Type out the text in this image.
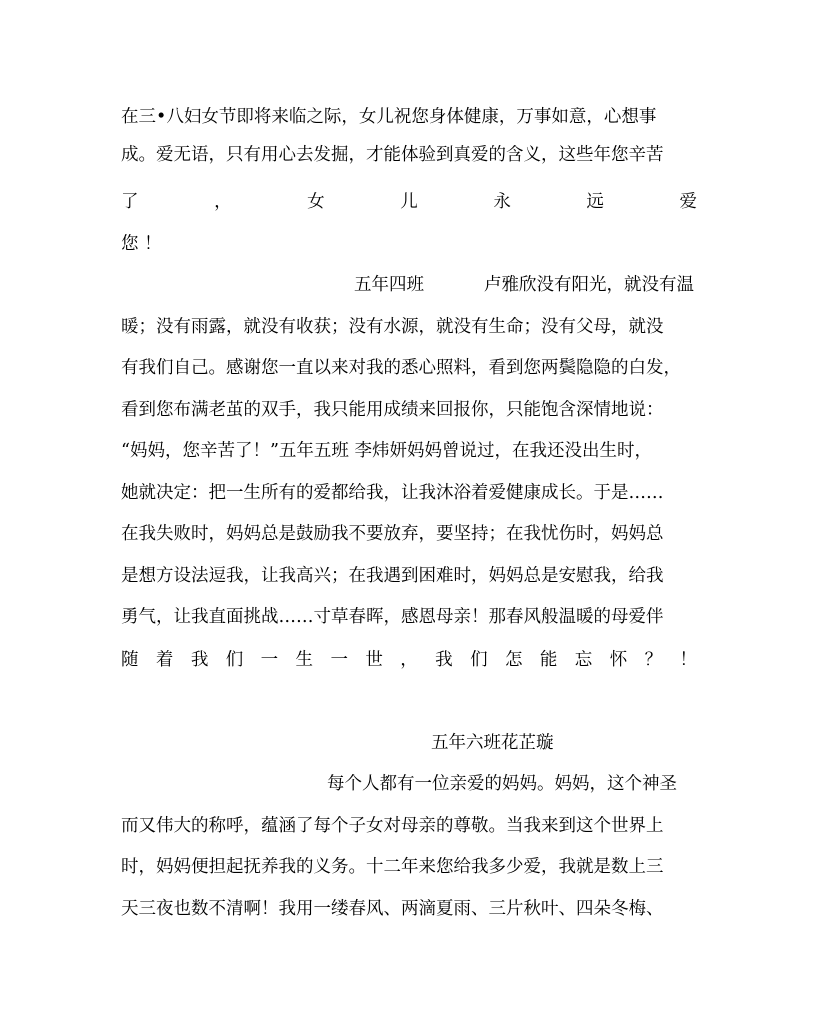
在三•八妇女节即将来临之际，女儿祝您身体健康，万事如意，心想事
成。爱无语，只有用心去发掘，才能体验到真爱的含义，这些年您辛苦
了	，	女	儿	永	远	爱
您 ！
五年四班	卢雅欣没有阳光，就没有温
暖；没有雨露，就没有收获；没有水源，就没有生命；没有父母，就没
有我们自己。感谢您一直以来对我的悉心照料，看到您两鬓隐隐的白发，
看到您布满老茧的双手，我只能用成绩来回报你，只能饱含深情地说：
“妈妈，您辛苦了！”五年五班 李炜妍妈妈曾说过，在我还没出生时，
她就决定：把一生所有的爱都给我，让我沐浴着爱健康成长。于是……
在我失败时，妈妈总是鼓励我不要放弃，要坚持；在我忧伤时，妈妈总
是想方设法逗我，让我高兴；在我遇到困难时，妈妈总是安慰我，给我
勇气，让我直面挑战……寸草春晖，感恩母亲！那春风般温暖的母爱伴
随 着 我 们 一 生 一 世 ， 我 们 怎 能 忘 怀 ？ ！
五年六班花芷璇
每个人都有一位亲爱的妈妈。妈妈，这个神圣
而又伟大的称呼，蕴涵了每个子女对母亲的尊敬。当我来到这个世界上
时，妈妈便担起抚养我的义务。十二年来您给我多少爱，我就是数上三
天三夜也数不清啊！我用一缕春风、两滴夏雨、三片秋叶、四朵冬梅、
